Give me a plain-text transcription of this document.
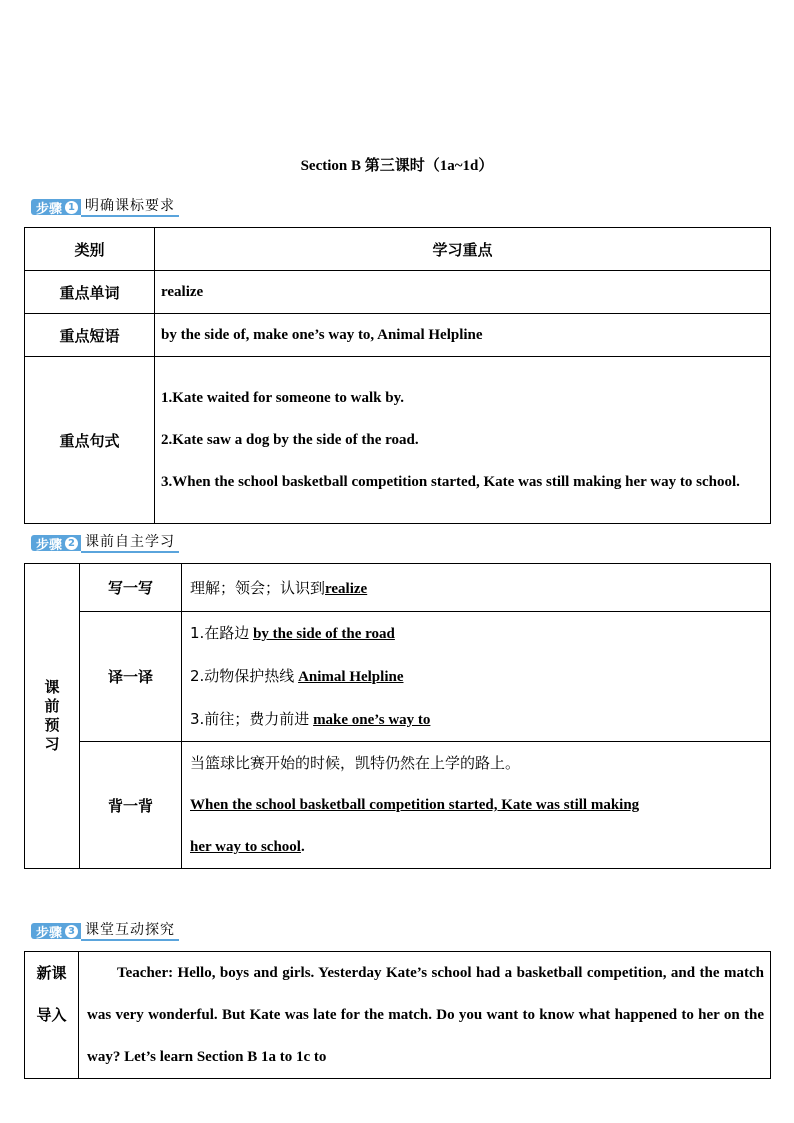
Section B 第三课时（1a~1d）
步骤 1 明确课标要求
类别	学习重点
重点单词	realize
重点短语	by the side of, make one’s way to, Animal Helpline
重点句式	1.Kate waited for someone to walk by.
2.Kate saw a dog by the side of the road.
3.When the school basketball competition started, Kate was still making her way to school.
步骤 2 课前自主学习
课
前
预
习	写一写	理解；领会；认识到realize
	译一译	1.在路边 by the side of the road
2.动物保护热线 Animal Helpline
3.前往；费力前进 make one’s way to

	背一背	当篮球比赛开始的时候，凯特仍然在上学的路上。
When the school basketball competition started, Kate was still making
her way to school.
步骤 3 课堂互动探究
新课
导入

Teacher: Hello, boys and girls. Yesterday Kate’s school had a basketball competition, and the match was very wonderful. But Kate was late for the match. Do you want to know what happened to her on the way? Let’s learn Section B 1a to 1c to
